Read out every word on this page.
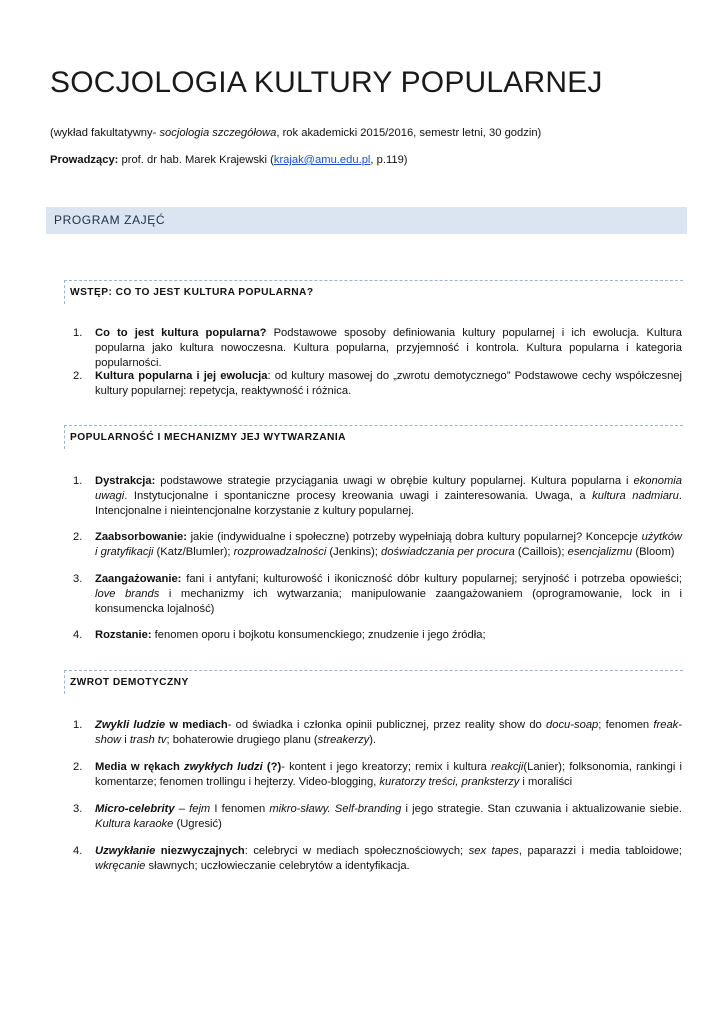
SOCJOLOGIA KULTURY POPULARNEJ

(wykład fakultatywny- socjologia szczegółowa, rok akademicki 2015/2016, semestr letni, 30 godzin)

Prowadzący: prof. dr hab. Marek Krajewski (krajak@amu.edu.pl, p.119)

PROGRAM ZAJĘĆ
WSTĘP: CO TO JEST KULTURA POPULARNA?
1. Co to jest kultura popularna? Podstawowe sposoby definiowania kultury popularnej i ich ewolucja. Kultura popularna jako kultura nowoczesna. Kultura popularna, przyjemność i kontrola. Kultura popularna i kategoria popularności.
2. Kultura popularna i jej ewolucja: od kultury masowej do „zwrotu demotycznego” Podstawowe cechy współczesnej kultury popularnej: repetycja, reaktywność i różnica.
POPULARNOŚĆ I MECHANIZMY JEJ WYTWARZANIA
1. Dystrakcja: podstawowe strategie przyciągania uwagi w obrębie kultury popularnej. Kultura popularna i ekonomia uwagi. Instytucjonalne i spontaniczne procesy kreowania uwagi i zainteresowania. Uwaga, a kultura nadmiaru. Intencjonalne i nieintencjonalne korzystanie z kultury popularnej.
2. Zaabsorbowanie: jakie (indywidualne i społeczne) potrzeby wypełniają dobra kultury popularnej? Koncepcje użytków i gratyfikacji (Katz/Blumler); rozprowadzalności (Jenkins); doświadczania per procura (Caillois); esencjalizmu (Bloom)
3. Zaangażowanie: fani i antyfani; kulturowość i ikoniczność dóbr kultury popularnej; seryjność i potrzeba opowieści; love brands i mechanizmy ich wytwarzania; manipulowanie zaangażowaniem (oprogramowanie, lock in i konsumencka lojalność)
4. Rozstanie: fenomen oporu i bojkotu konsumenckiego; znudzenie i jego źródła;
ZWROT DEMOTYCZNY
1. Zwykli ludzie w mediach- od świadka i członka opinii publicznej, przez reality show do docu-soap; fenomen freak-show i trash tv; bohaterowie drugiego planu (streakerzy).
2. Media w rękach zwykłych ludzi (?)- kontent i jego kreatorzy; remix i kultura reakcji(Lanier); folksonomia, rankingi i komentarze; fenomen trollingu i hejterzy. Video-blogging, kuratorzy treści, pranksterzy i moraliści
3. Micro-celebrity – fejm I fenomen mikro-sławy. Self-branding i jego strategie. Stan czuwania i aktualizowanie siebie. Kultura karaoke (Ugresić)
4. Uzwykłanie niezwyczajnych: celebryci w mediach społecznościowych; sex tapes, paparazzi i media tabloidowe; wkręcanie sławnych; uczłowieczanie celebrytów a identyfikacja.
